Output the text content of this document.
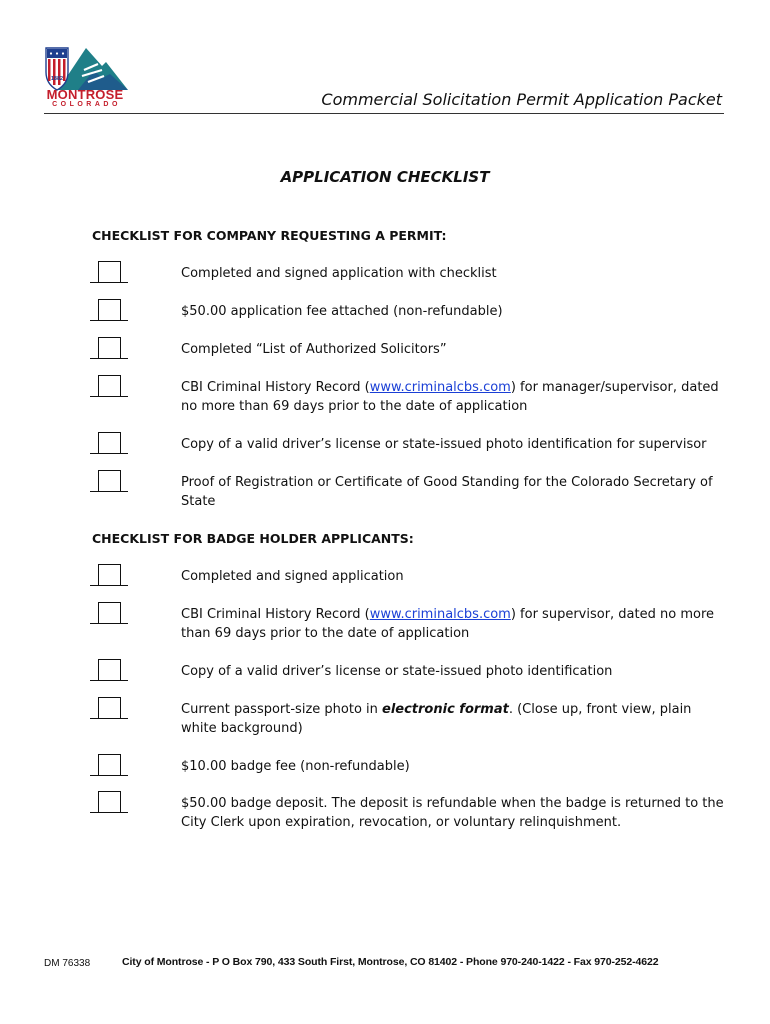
1882
MONTROSE
COLORADO	Commercial Solicitation Permit Application Packet
APPLICATION CHECKLIST
CHECKLIST FOR COMPANY REQUESTING A PERMIT:
Completed and signed application with checklist
$50.00 application fee attached (non-refundable)
Completed “List of Authorized Solicitors”
CBI Criminal History Record (www.criminalcbs.com) for manager/supervisor, dated no more than 69 days prior to the date of application
Copy of a valid driver’s license or state-issued photo identification for supervisor
Proof of Registration or Certificate of Good Standing for the Colorado Secretary of State
CHECKLIST FOR BADGE HOLDER APPLICANTS:
Completed and signed application
CBI Criminal History Record (www.criminalcbs.com) for supervisor, dated no more than 69 days prior to the date of application
Copy of a valid driver’s license or state-issued photo identification
Current passport-size photo in electronic format. (Close up, front view, plain white background)
$10.00 badge fee (non-refundable)
$50.00 badge deposit. The deposit is refundable when the badge is returned to the City Clerk upon expiration, revocation, or voluntary relinquishment.
DM 76338	City of Montrose - P O Box 790, 433 South First, Montrose, CO 81402 - Phone 970-240-1422 - Fax 970-252-4622
